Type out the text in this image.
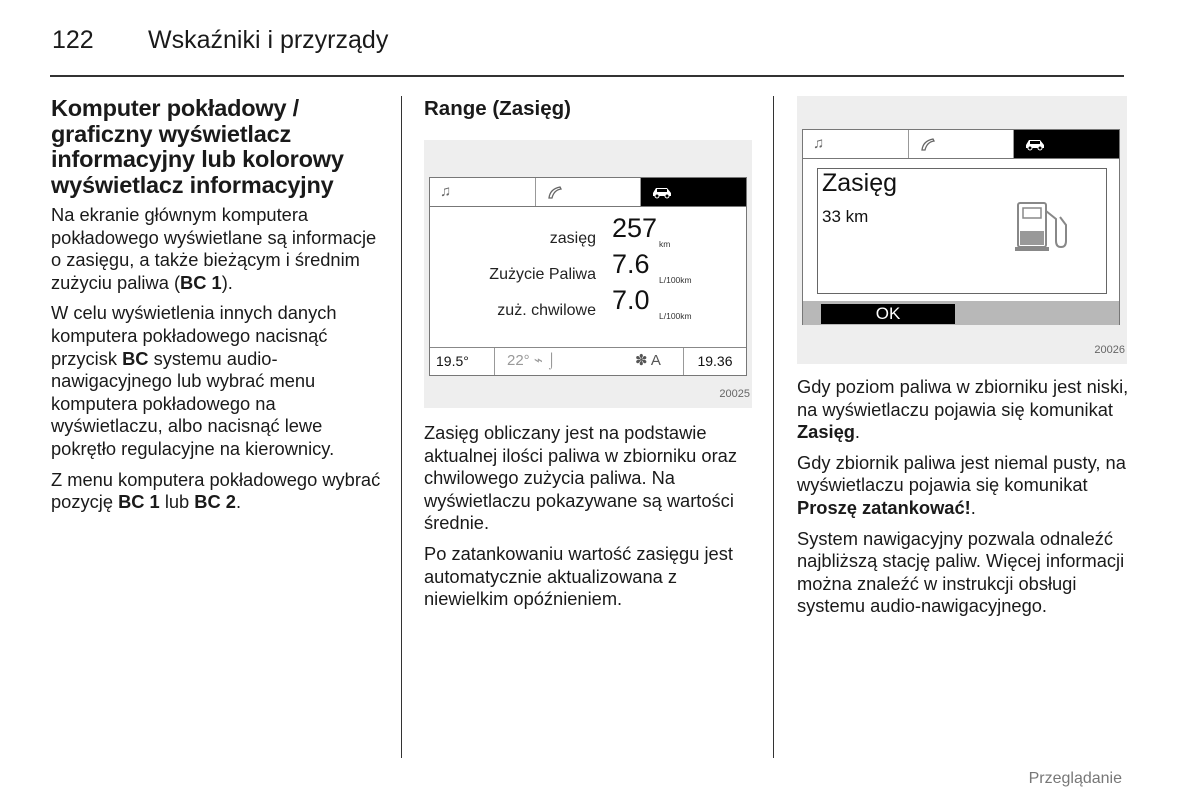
122	Wskaźniki i przyrządy
Komputer pokładowy / graficzny wyświetlacz informacyjny lub kolorowy wyświetlacz informacyjny

Na ekranie głównym komputera pokładowego wyświetlane są informacje o zasięgu, a także bieżącym i średnim zużyciu paliwa (BC 1).

W celu wyświetlenia innych danych komputera pokładowego nacisnąć przycisk BC systemu audio-nawigacyjnego lub wybrać menu komputera pokładowego na wyświetlaczu, albo nacisnąć lewe pokrętło regulacyjne na kierownicy.

Z menu komputera pokładowego wybrać pozycję BC 1 lub BC 2.

Range (Zasięg)
♫
zasięg 257
km
Zużycie Paliwa 7.6
L/100km
zuż. chwilowe 7.0
L/100km
19.5°	22° ⌁ ⌡	✽ A	19.36
20025

Zasięg obliczany jest na podstawie aktualnej ilości paliwa w zbiorniku oraz chwilowego zużycia paliwa. Na wyświetlaczu pokazywane są wartości średnie.

Po zatankowaniu wartość zasięgu jest automatycznie aktualizowana z niewielkim opóźnieniem.

♫
Zasięg
33 km
OK
20026

Gdy poziom paliwa w zbiorniku jest niski, na wyświetlaczu pojawia się komunikat Zasięg.

Gdy zbiornik paliwa jest niemal pusty, na wyświetlaczu pojawia się komunikat Proszę zatankować!.

System nawigacyjny pozwala odnaleźć najbliższą stację paliw. Więcej informacji można znaleźć w instrukcji obsługi systemu audio-nawigacyjnego.

Przeglądanie
